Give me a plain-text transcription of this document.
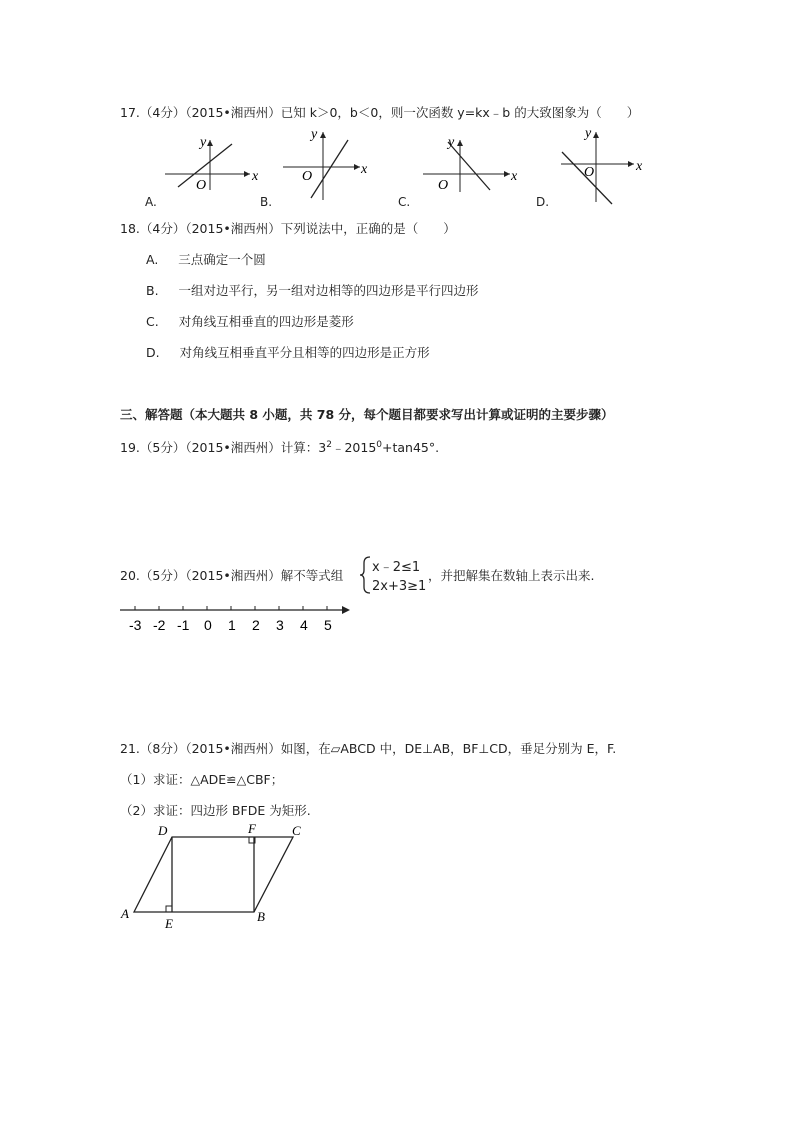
17.（4分）（2015•湘西州）已知 k＞0，b＜0，则一次函数 y=kx﹣b 的大致图象为（　　）
x
y
O
x
y
O	x
y
O
x
y
O
A.	B.	C.	D.
18.（4分）（2015•湘西州）下列说法中，正确的是（　　）
A. 三点确定一个圆
B. 一组对边平行，另一组对边相等的四边形是平行四边形
C. 对角线互相垂直的四边形是菱形
D. 对角线互相垂直平分且相等的四边形是正方形
三、解答题（本大题共 8 小题，共 78 分，每个题目都要求写出计算或证明的主要步骤）
19.（5分）（2015•湘西州）计算：$3^2﹣2015^0+\tan 45^\circ$.
20.（5分）（2015•湘西州）解不等式组
x﹣2≤1
2x+3≥1
，并把解集在数轴上表示出来.
-3 -2 -1 0 1 2 3 4 5
21.（8分）（2015•湘西州）如图，在▱ABCD 中，DE⊥AB，BF⊥CD，垂足分别为 E，F.
（1）求证：△ADE≌△CBF；
（2）求证：四边形 BFDE 为矩形.
A	B
C
D
E
F
